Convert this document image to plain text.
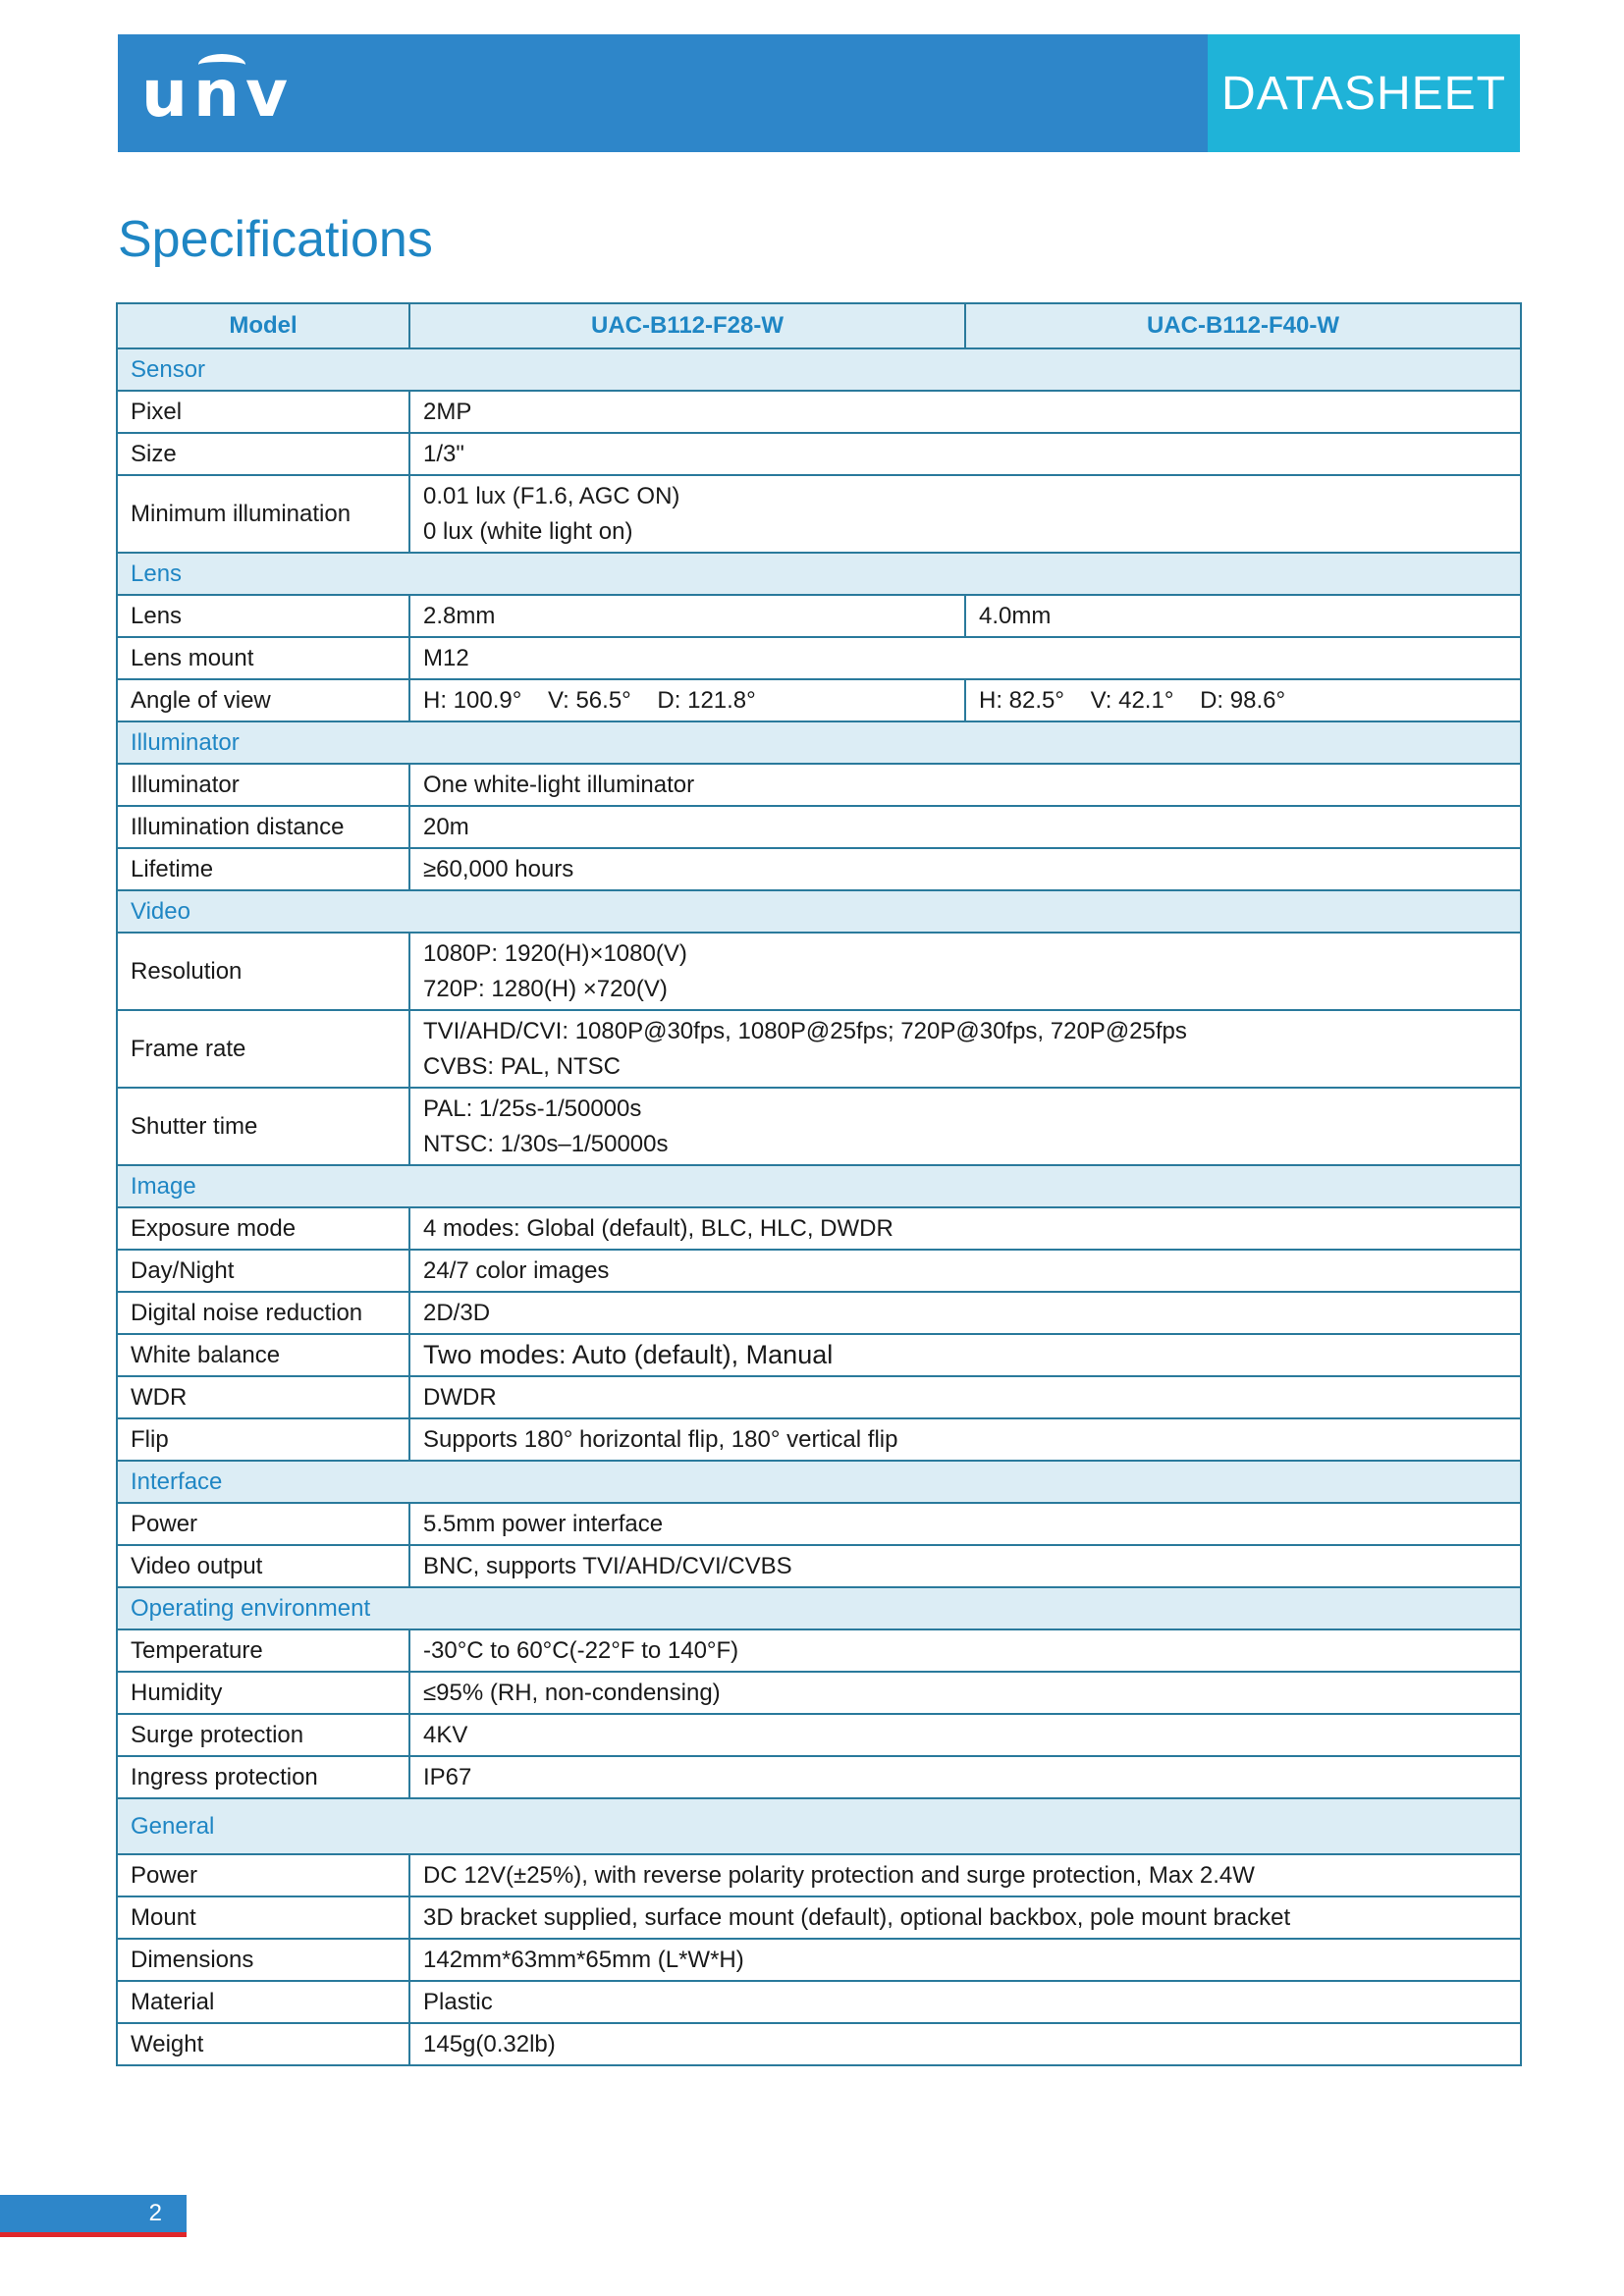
unv	DATASHEET
Specifications
Model	UAC-B112-F28-W	UAC-B112-F40-W
Sensor		
Pixel	2MP	
Size	1/3"	
Minimum illumination	0.01 lux (F1.6, AGC ON)
0 lux (white light on)	

Lens		
Lens	2.8mm	4.0mm
Lens mount	M12	
Angle of view	H: 100.9°    V: 56.5°    D: 121.8°	H: 82.5°    V: 42.1°    D: 98.6°
Illuminator		
Illuminator	One white-light illuminator	
Illumination distance	20m	
Lifetime	≥60,000 hours	
Video		
Resolution	1080P: 1920(H)×1080(V)
720P: 1280(H) ×720(V)	

Frame rate	TVI/AHD/CVI: 1080P@30fps, 1080P@25fps; 720P@30fps, 720P@25fps
CVBS: PAL, NTSC	

Shutter time	PAL: 1/25s-1/50000s
NTSC: 1/30s–1/50000s	

Image		
Exposure mode	4 modes: Global (default), BLC, HLC, DWDR	
Day/Night	24/7 color images	
Digital noise reduction	2D/3D	
White balance	Two modes: Auto (default), Manual	
WDR	DWDR	
Flip	Supports 180° horizontal flip, 180° vertical flip	
Interface		
Power	5.5mm power interface	
Video output	BNC, supports TVI/AHD/CVI/CVBS	
Operating environment		
Temperature	-30°C to 60°C(-22°F to 140°F)	
Humidity	≤95% (RH, non-condensing)	
Surge protection	4KV	
Ingress protection	IP67	
General		
Power	DC 12V(±25%), with reverse polarity protection and surge protection, Max 2.4W	
Mount	3D bracket supplied, surface mount (default), optional backbox, pole mount bracket	
Dimensions	142mm*63mm*65mm (L*W*H)	
Material	Plastic	
Weight	145g(0.32lb)	
2
